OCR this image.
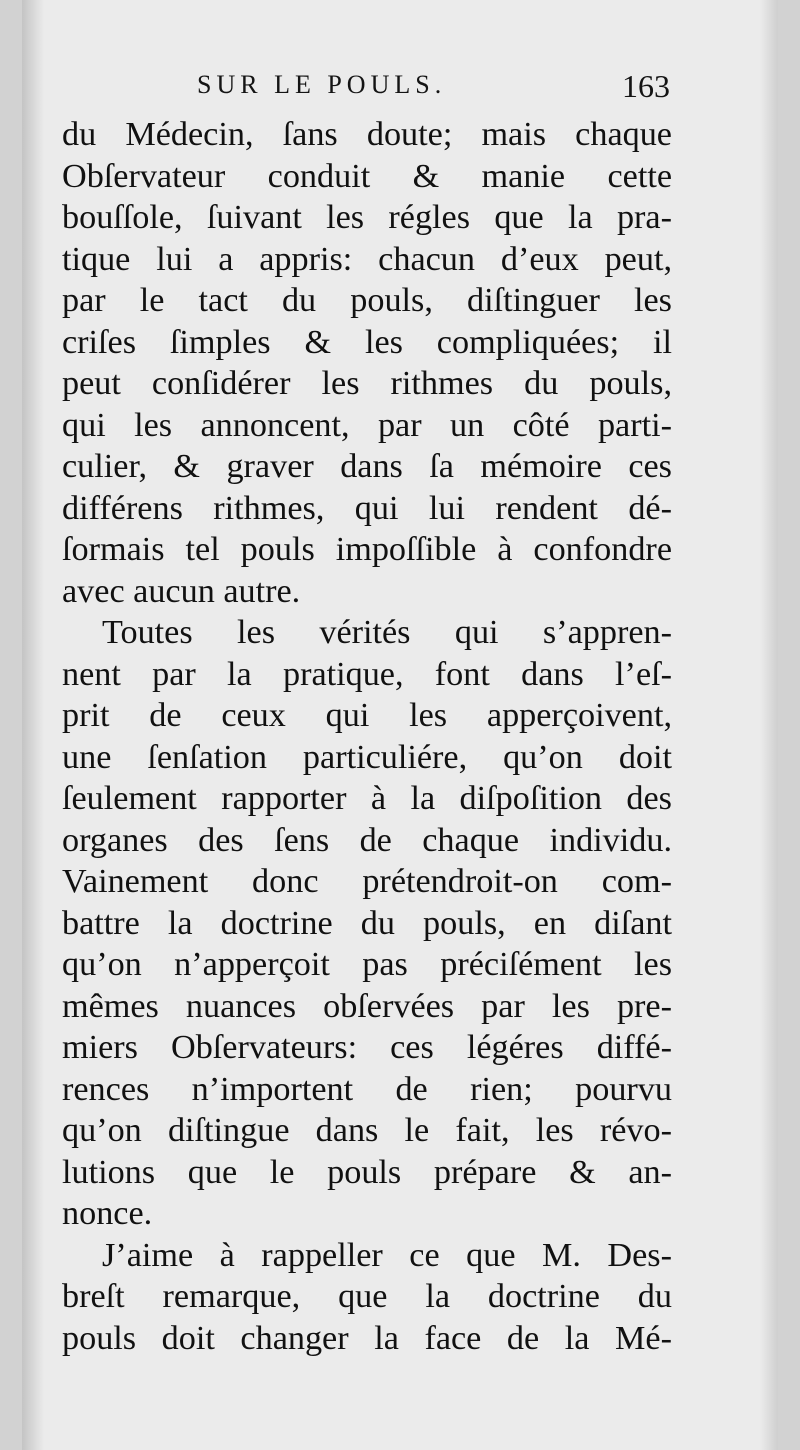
SUR LE POULS.	163
du Médecin, ſans doute; mais chaque
Obſervateur conduit & manie cette
bouſſole, ſuivant les régles que la pra-
tique lui a appris: chacun d’eux peut,
par le tact du pouls, diſtinguer les
criſes ſimples & les compliquées; il
peut conſidérer les rithmes du pouls,
qui les annoncent, par un côté parti-
culier, & graver dans ſa mémoire ces
différens rithmes, qui lui rendent dé-
ſormais tel pouls impoſſible à confondre
avec aucun autre.
Toutes les vérités qui s’appren-
nent par la pratique, font dans l’eſ-
prit de ceux qui les apperçoivent,
une ſenſation particuliére, qu’on doit
ſeulement rapporter à la diſpoſition des
organes des ſens de chaque individu.
Vainement donc prétendroit-on com-
battre la doctrine du pouls, en diſant
qu’on n’apperçoit pas préciſément les
mêmes nuances obſervées par les pre-
miers Obſervateurs: ces légéres diffé-
rences n’importent de rien; pourvu
qu’on diſtingue dans le fait, les révo-
lutions que le pouls prépare & an-
nonce.
J’aime à rappeller ce que M. Des-
breſt remarque, que la doctrine du
pouls doit changer la face de la Mé-
